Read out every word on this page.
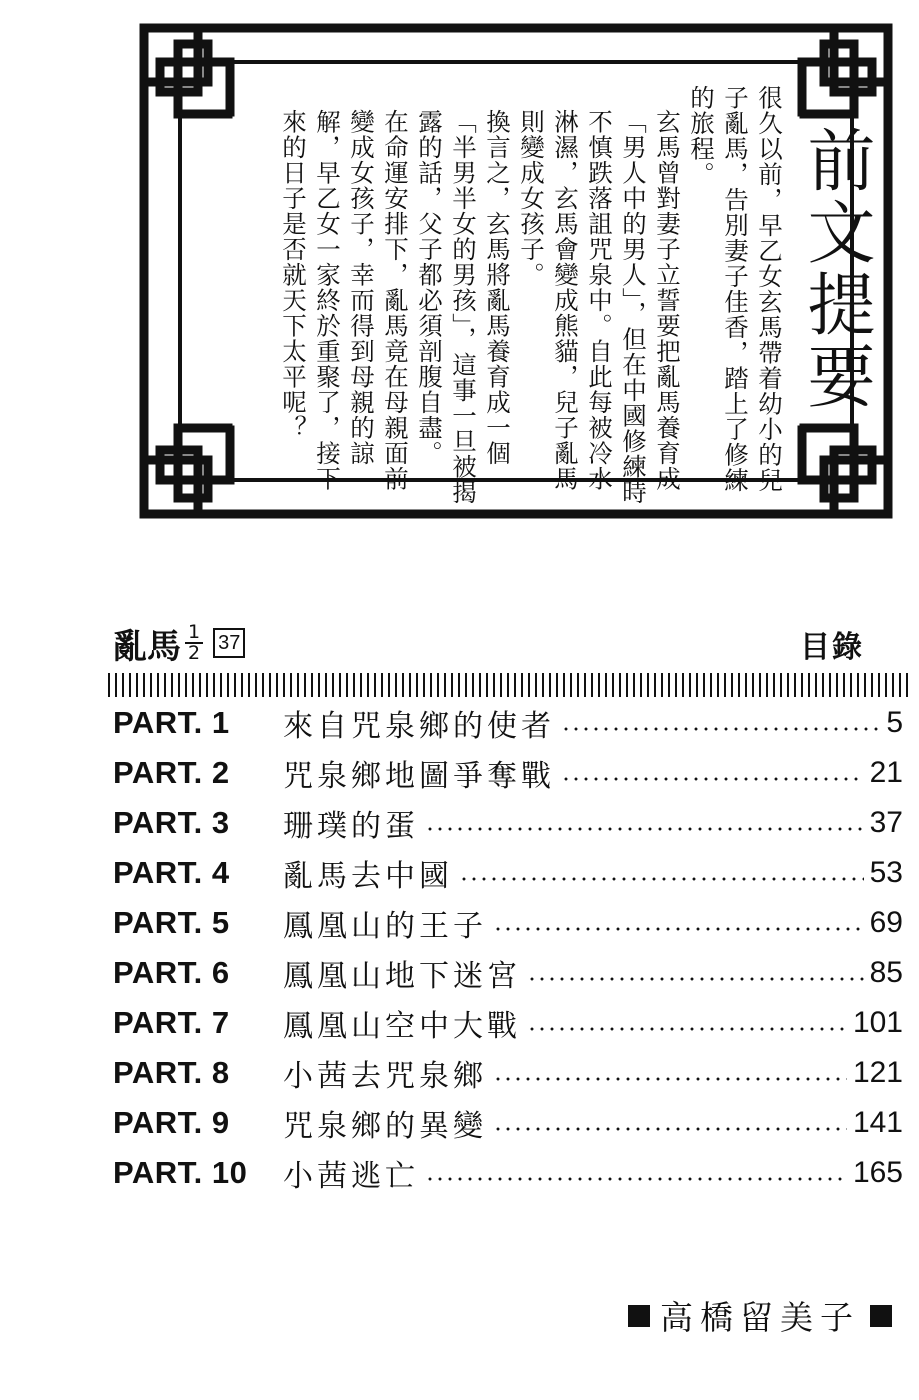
前文提要

很久以前，早乙女玄馬帶着幼小的兒子亂馬，告別妻子佳香，踏上了修練的旅程。

玄馬曾對妻子立誓要把亂馬養育成「男人中的男人」，但在中國修練時不慎跌落詛咒泉中。自此每被冷水淋濕，玄馬會變成熊貓，兒子亂馬則變成女孩子。

換言之，玄馬將亂馬養育成一個「半男半女的男孩」，這事一旦被揭露的話，父子都必須剖腹自盡。

在命運安排下，亂馬竟在母親面前變成女孩子，幸而得到母親的諒解，早乙女一家終於重聚了，接下來的日子是否就天下太平呢？

亂馬 $\frac{1}{2} 37$	目錄
PART. 1	來自咒泉鄉的使者	5
PART. 2	咒泉鄉地圖爭奪戰	21
PART. 3	珊璞的蛋	37
PART. 4	亂馬去中國	53
PART. 5	鳳凰山的王子	69
PART. 6	鳳凰山地下迷宮	85
PART. 7	鳳凰山空中大戰	101
PART. 8	小茜去咒泉鄉	121
PART. 9	咒泉鄉的異變	141
PART. 10	小茜逃亡	165
高橋留美子
